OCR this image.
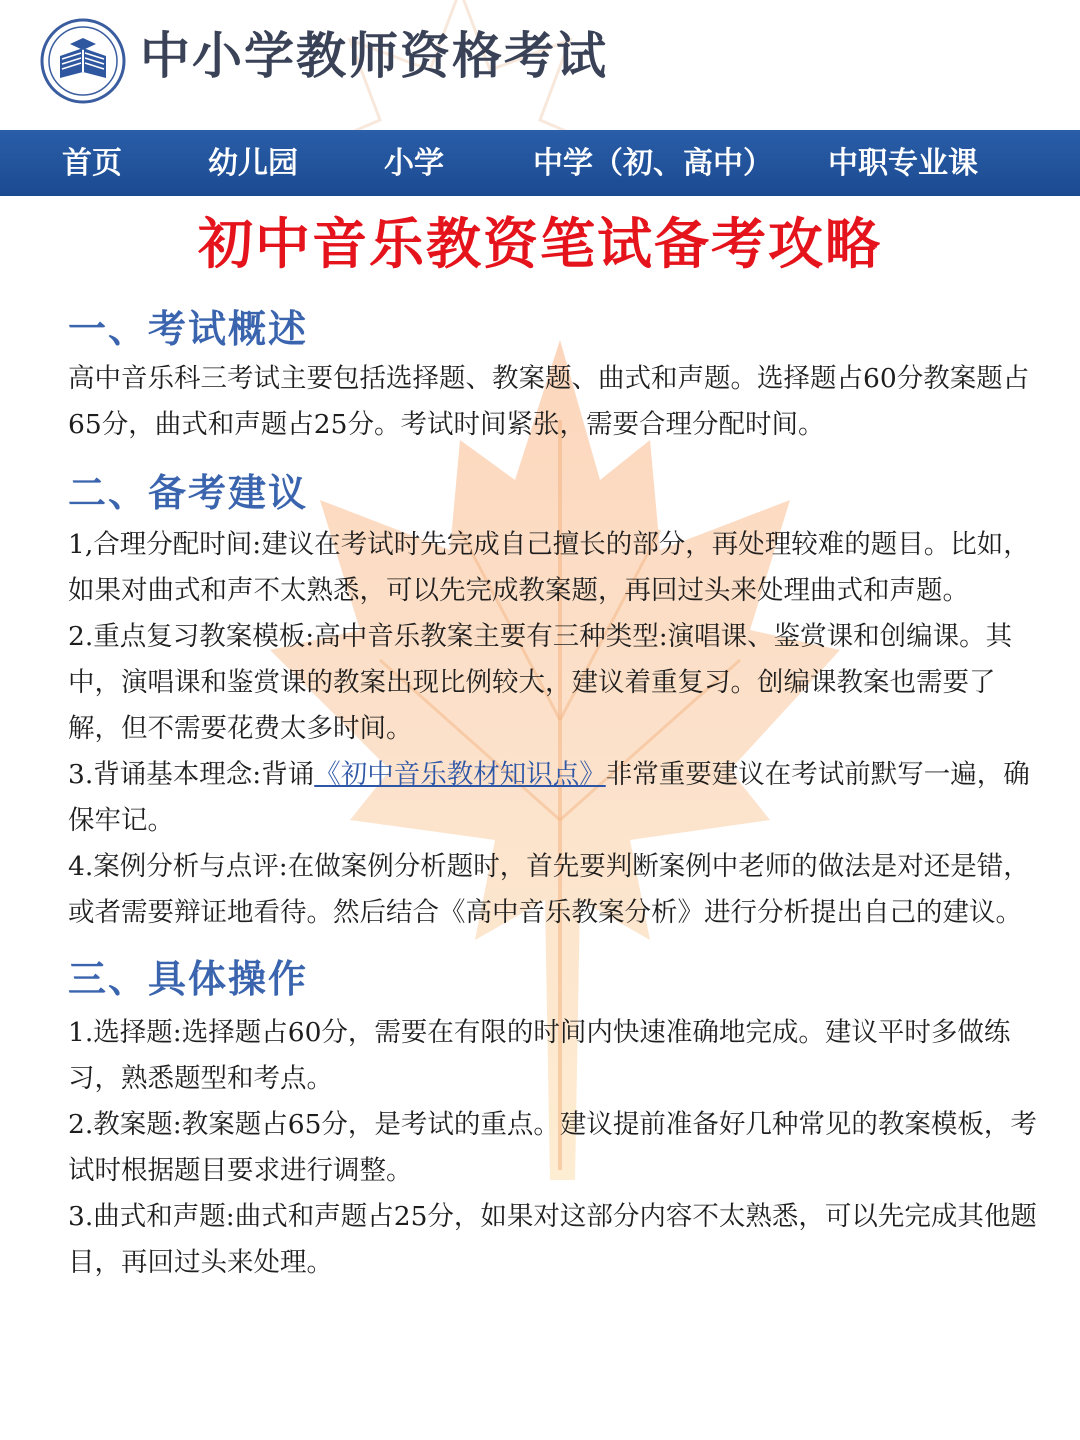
中小学教师资格考试
首页	幼儿园	小学	中学（初、高中） 中职专业课
初中音乐教资笔试备考攻略
一、考试概述

高中音乐科三考试主要包括选择题、教案题、曲式和声题。选择题占60分教案题占65分，曲式和声题占25分。考试时间紧张，需要合理分配时间。

二、备考建议

1,合理分配时间:建议在考试时先完成自己擅长的部分，再处理较难的题目。比如，如果对曲式和声不太熟悉，可以先完成教案题，再回过头来处理曲式和声题。

2.重点复习教案模板:高中音乐教案主要有三种类型:演唱课、鉴赏课和创编课。其中，演唱课和鉴赏课的教案出现比例较大，建议着重复习。创编课教案也需要了解，但不需要花费太多时间。

3.背诵基本理念:背诵《初中音乐教材知识点》非常重要建议在考试前默写一遍，确保牢记。

4.案例分析与点评:在做案例分析题时，首先要判断案例中老师的做法是对还是错，或者需要辩证地看待。然后结合《高中音乐教案分析》进行分析提出自己的建议。

三、具体操作

1.选择题:选择题占60分，需要在有限的时间内快速准确地完成。建议平时多做练习，熟悉题型和考点。

2.教案题:教案题占65分，是考试的重点。建议提前准备好几种常见的教案模板，考试时根据题目要求进行调整。

3.曲式和声题:曲式和声题占25分，如果对这部分内容不太熟悉，可以先完成其他题目，再回过头来处理。
